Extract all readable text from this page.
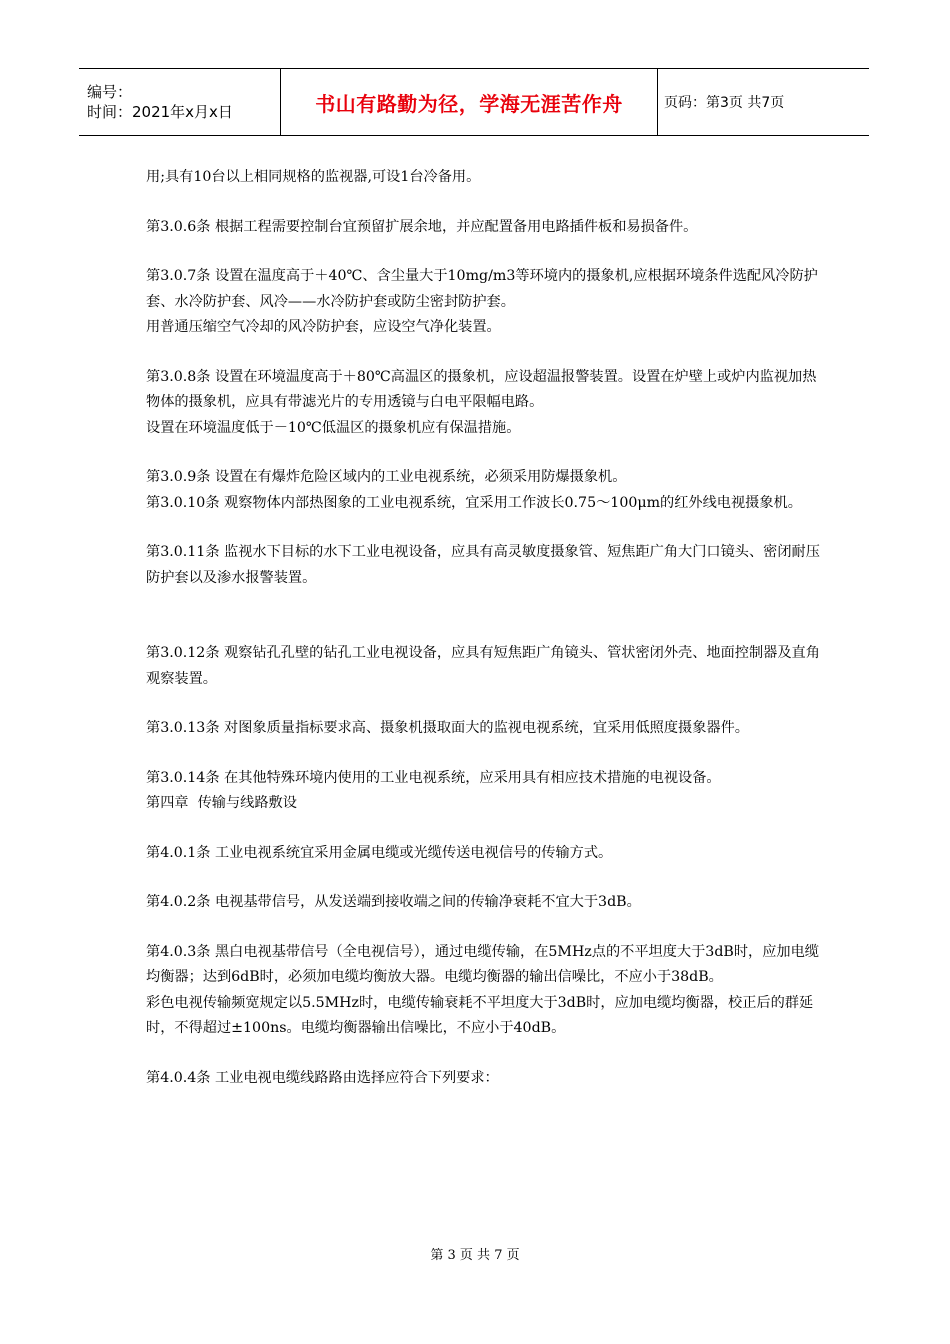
编号：
时间：2021年x月x日	书山有路勤为径，学海无涯苦作舟	页码：第3页 共7页

用;具有10台以上相同规格的监视器,可设1台冷备用。

第3.0.6条 根据工程需要控制台宜预留扩展余地，并应配置备用电路插件板和易损备件。

第3.0.7条 设置在温度高于＋40℃、含尘量大于10mg/m3等环境内的摄象机,应根据环境条件选配风冷防护套、水冷防护套、风冷——水冷防护套或防尘密封防护套。

用普通压缩空气冷却的风冷防护套，应设空气净化装置。

第3.0.8条 设置在环境温度高于＋80℃高温区的摄象机，应设超温报警装置。设置在炉壁上或炉内监视加热物体的摄象机，应具有带滤光片的专用透镜与白电平限幅电路。

设置在环境温度低于－10℃低温区的摄象机应有保温措施。

第3.0.9条 设置在有爆炸危险区域内的工业电视系统，必须采用防爆摄象机。

第3.0.10条 观察物体内部热图象的工业电视系统，宜采用工作波长0.75～100μm的红外线电视摄象机。

第3.0.11条 监视水下目标的水下工业电视设备，应具有高灵敏度摄象管、短焦距广角大门口镜头、密闭耐压防护套以及渗水报警装置。

第3.0.12条 观察钻孔孔壁的钻孔工业电视设备，应具有短焦距广角镜头、管状密闭外壳、地面控制器及直角观察装置。

第3.0.13条 对图象质量指标要求高、摄象机摄取面大的监视电视系统，宜采用低照度摄象器件。

第3.0.14条 在其他特殊环境内使用的工业电视系统，应采用具有相应技术措施的电视设备。

第四章  传输与线路敷设

第4.0.1条 工业电视系统宜采用金属电缆或光缆传送电视信号的传输方式。

第4.0.2条 电视基带信号，从发送端到接收端之间的传输净衰耗不宜大于3dB。

第4.0.3条 黑白电视基带信号（全电视信号），通过电缆传输，在5MHz点的不平坦度大于3dB时，应加电缆均衡器；达到6dB时，必须加电缆均衡放大器。电缆均衡器的输出信噪比，不应小于38dB。

彩色电视传输频宽规定以5.5MHz时，电缆传输衰耗不平坦度大于3dB时，应加电缆均衡器，校正后的群延时，不得超过±100ns。电缆均衡器输出信噪比，不应小于40dB。

第4.0.4条 工业电视电缆线路路由选择应符合下列要求：

第 3 页 共 7 页
